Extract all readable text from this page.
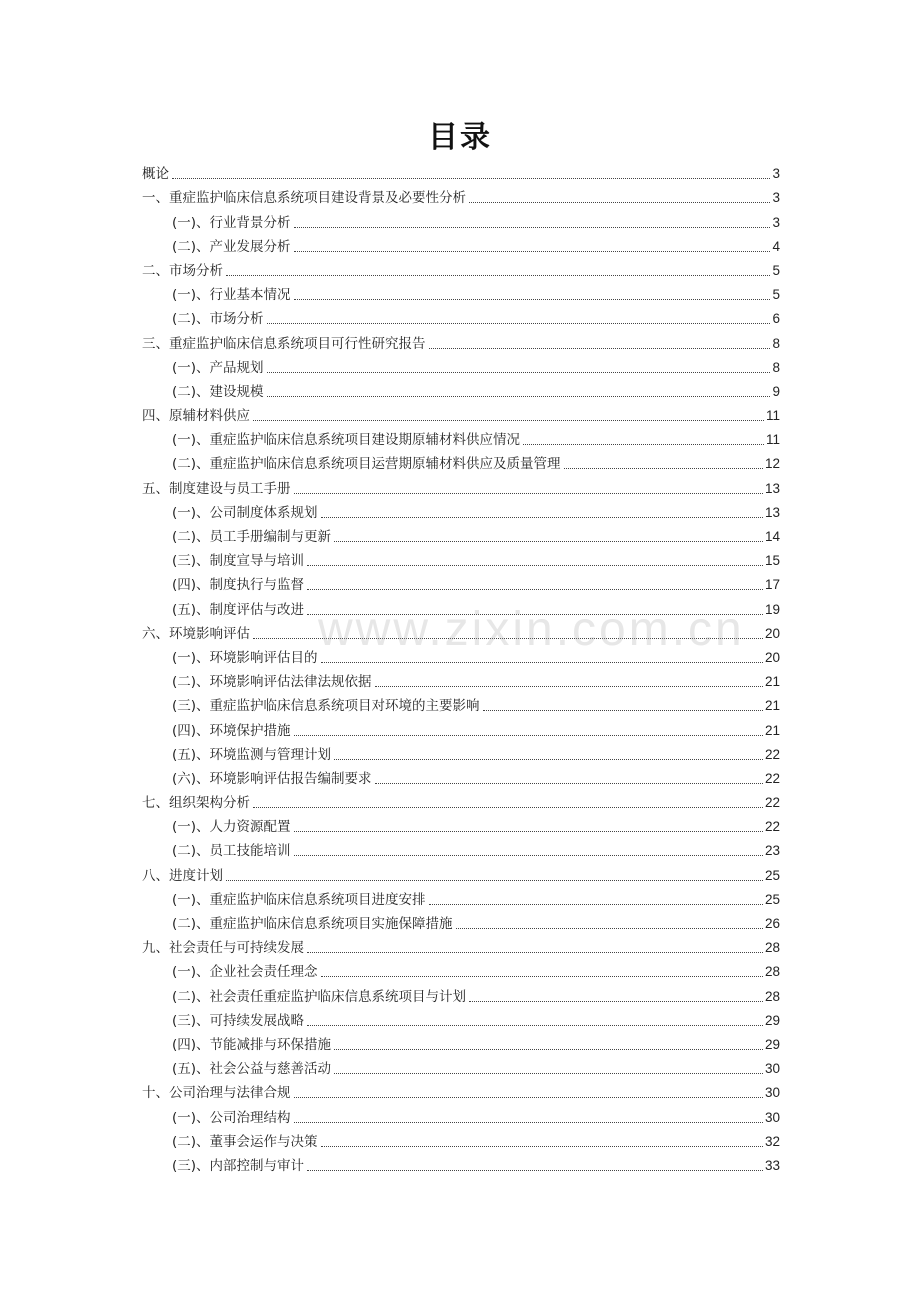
目录
概论	3
一、重症监护临床信息系统项目建设背景及必要性分析	3
(一)、行业背景分析	3
(二)、产业发展分析	4
二、市场分析	5
(一)、行业基本情况	5
(二)、市场分析	6
三、重症监护临床信息系统项目可行性研究报告	8
(一)、产品规划	8
(二)、建设规模	9
四、原辅材料供应	11
(一)、重症监护临床信息系统项目建设期原辅材料供应情况	11
(二)、重症监护临床信息系统项目运营期原辅材料供应及质量管理	12
五、制度建设与员工手册	13
(一)、公司制度体系规划	13
(二)、员工手册编制与更新	14
(三)、制度宣导与培训	15
(四)、制度执行与监督	17
(五)、制度评估与改进	19
六、环境影响评估	20
(一)、环境影响评估目的	20
(二)、环境影响评估法律法规依据	21
(三)、重症监护临床信息系统项目对环境的主要影响	21
(四)、环境保护措施	21
(五)、环境监测与管理计划	22
(六)、环境影响评估报告编制要求	22
七、组织架构分析	22
(一)、人力资源配置	22
(二)、员工技能培训	23
八、进度计划	25
(一)、重症监护临床信息系统项目进度安排	25
(二)、重症监护临床信息系统项目实施保障措施	26
九、社会责任与可持续发展	28
(一)、企业社会责任理念	28
(二)、社会责任重症监护临床信息系统项目与计划	28
(三)、可持续发展战略	29
(四)、节能减排与环保措施	29
(五)、社会公益与慈善活动	30
十、公司治理与法律合规	30
(一)、公司治理结构	30
(二)、董事会运作与决策	32
(三)、内部控制与审计	33
www.zixin.com.cn
